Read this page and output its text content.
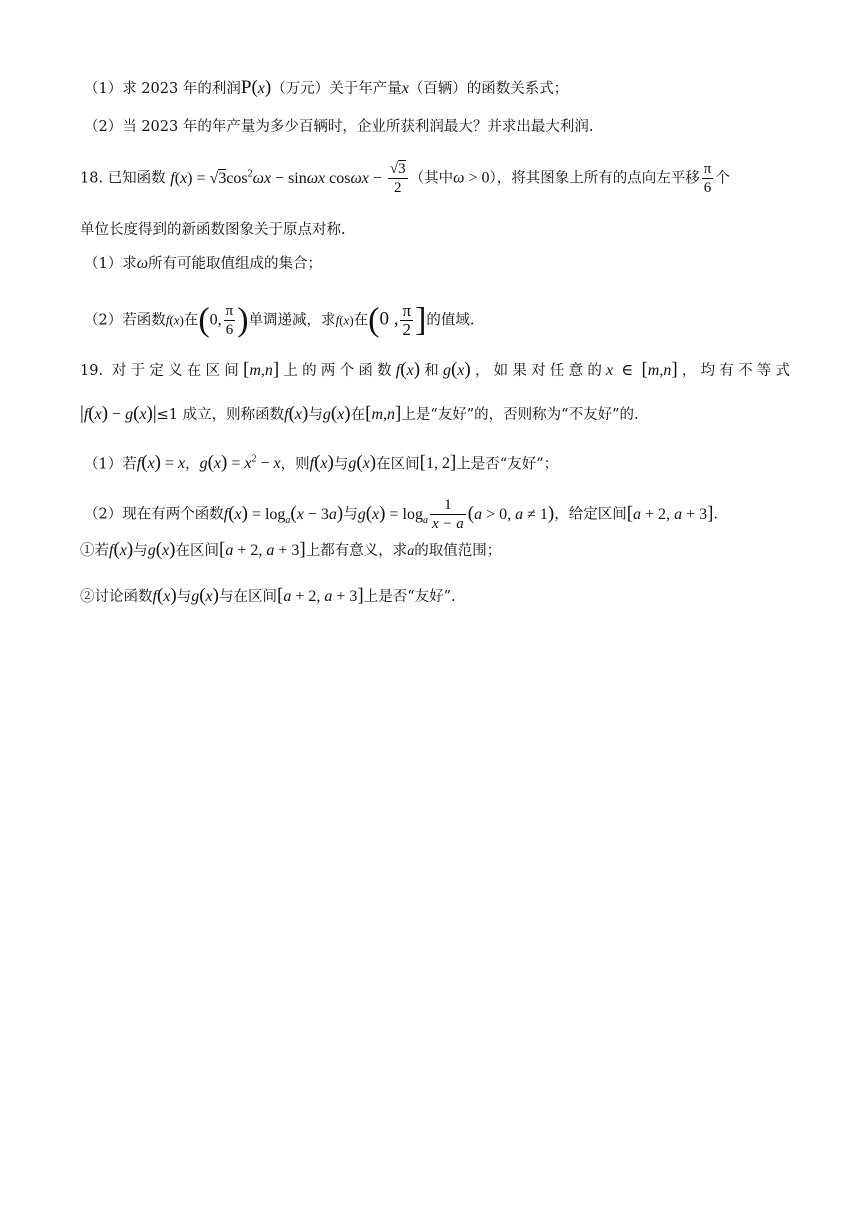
（1）求 2023 年的利润P(x)（万元）关于年产量x（百辆）的函数关系式；
（2）当 2023 年的年产量为多少百辆时，企业所获利润最大？并求出最大利润.
18. 已知函数 $f(x) = √3\cos^2\omega x - \sin\omega x$ $\cos\omega x - \frac{√3}{2}$ （其中ω > 0），将其图象上所有的点向左平移 $\frac{\pi}{6}$ 个
单位长度得到的新函数图象关于原点对称.
（1）求ω所有可能取值组成的集合；
（2）若函数f(x)在(0, $\frac{\pi}{6}$ )单调递减，求f(x)在(0 , $\frac{\pi}{2}$ ]的值域.
19. 对于定义在区间[m,n]上的两个函数f(x)和g(x)，如果对任意的x ∈ [m,n]，均有不等式
|f(x) − g(x)|≤1 成立，则称函数f(x)与g(x)在[m,n]上是“友好”的，否则称为“不友好”的.
（1）若f(x) = x，$g(x) = x^2 - x$，则f(x)与g(x)在区间[1, 2]上是否“友好”；
（2）现在有两个函数$f(x) = \log_a(x - 3a)$与$g(x) = \log_a \frac{1}{x - a} (a > 0$, a ≠ 1)，给定区间[a + 2, a + 3].
①若f(x)与g(x)在区间[a + 2, a + 3]上都有意义，求a的取值范围；
②讨论函数f(x)与g(x)与在区间[a + 2, a + 3]上是否“友好”.
